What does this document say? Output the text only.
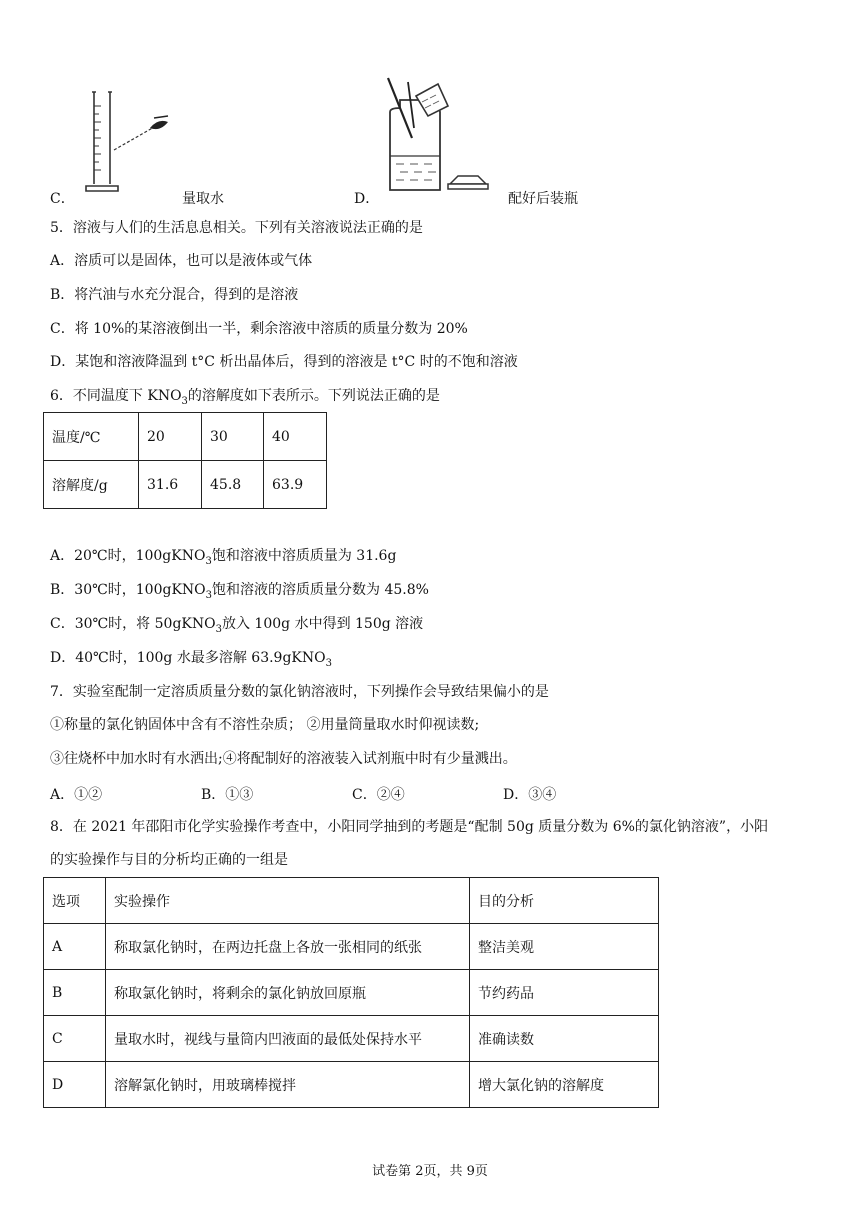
C．	量取水	D．	配好后装瓶
5．溶液与人们的生活息息相关。下列有关溶液说法正确的是
A．溶质可以是固体，也可以是液体或气体
B．将汽油与水充分混合，得到的是溶液
C．将 10%的某溶液倒出一半，剩余溶液中溶质的质量分数为 20%
D．某饱和溶液降温到 t°C 析出晶体后，得到的溶液是 t°C 时的不饱和溶液
6．不同温度下 $KNO_3$的溶解度如下表所示。下列说法正确的是
温度/℃	20	30	40
溶解度/g	31.6	45.8	63.9
A．20℃时，100gKNO$_3$饱和溶液中溶质质量为 31.6g
B．30℃时，100gKNO$_3$饱和溶液的溶质质量分数为 45.8%
C．30℃时，将 50gKNO$_3$放入 100g 水中得到 150g 溶液
D．40℃时，100g 水最多溶解 63.9gKNO$_3$
7．实验室配制一定溶质质量分数的氯化钠溶液时，下列操作会导致结果偏小的是
①称量的氯化钠固体中含有不溶性杂质； ②用量筒量取水时仰视读数;
③往烧杯中加水时有水洒出;④将配制好的溶液装入试剂瓶中时有少量溅出。
A．①②	B．①③	C．②④	D．③④
8．在 2021 年邵阳市化学实验操作考查中，小阳同学抽到的考题是“配制 50g 质量分数为 6%的氯化钠溶液”，小阳
的实验操作与目的分析均正确的一组是
选项	实验操作	目的分析
A	称取氯化钠时，在两边托盘上各放一张相同的纸张	整洁美观
B	称取氯化钠时，将剩余的氯化钠放回原瓶	节约药品
C	量取水时，视线与量筒内凹液面的最低处保持水平	准确读数
D	溶解氯化钠时，用玻璃棒搅拌	增大氯化钠的溶解度
试卷第 2页，共 9页
